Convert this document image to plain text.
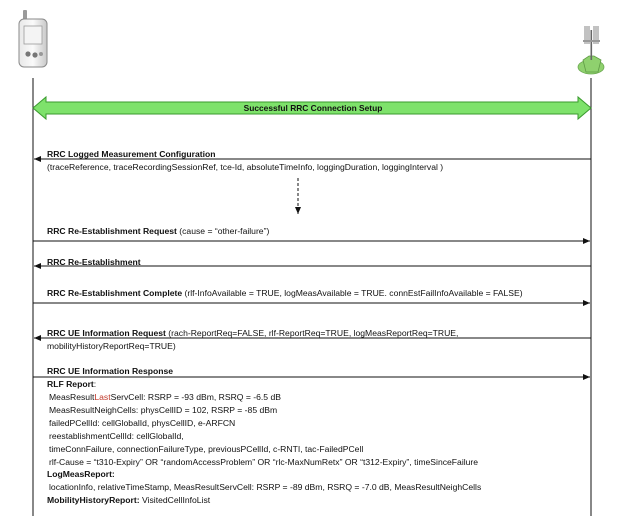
Successful RRC Connection Setup
RRC Logged Measurement Configuration
(traceReference, traceRecordingSessionRef, tce-Id, absoluteTimeInfo, loggingDuration, loggingInterval )
RRC Re-Establishment Request (cause = “other-failure”)
RRC Re-Establishment
RRC Re-Establishment Complete (rlf-InfoAvailable = TRUE, logMeasAvailable = TRUE. connEstFailInfoAvailable = FALSE)
RRC UE Information Request (rach-ReportReq=FALSE, rlf-ReportReq=TRUE, logMeasReportReq=TRUE,
mobilityHistoryReportReq=TRUE)
RRC UE Information Response
RLF Report:
MeasResultLastServCell: RSRP = -93 dBm, RSRQ = -6.5 dB
MeasResultNeighCells: physCellID = 102, RSRP = -85 dBm
failedPCellId: cellGlobalId, physCellID, e-ARFCN
reestablishmentCellId: cellGlobalId,
timeConnFailure, connectionFailureType, previousPCellId, c-RNTI, tac-FailedPCell
rlf-Cause = “t310-Expiry” OR “randomAccessProblem” OR “rlc-MaxNumRetx” OR “t312-Expiry”, timeSinceFailure
LogMeasReport:
locationInfo, relativeTimeStamp, MeasResultServCell: RSRP = -89 dBm, RSRQ = -7.0 dB, MeasResultNeighCells
MobilityHistoryReport: VisitedCellInfoList
